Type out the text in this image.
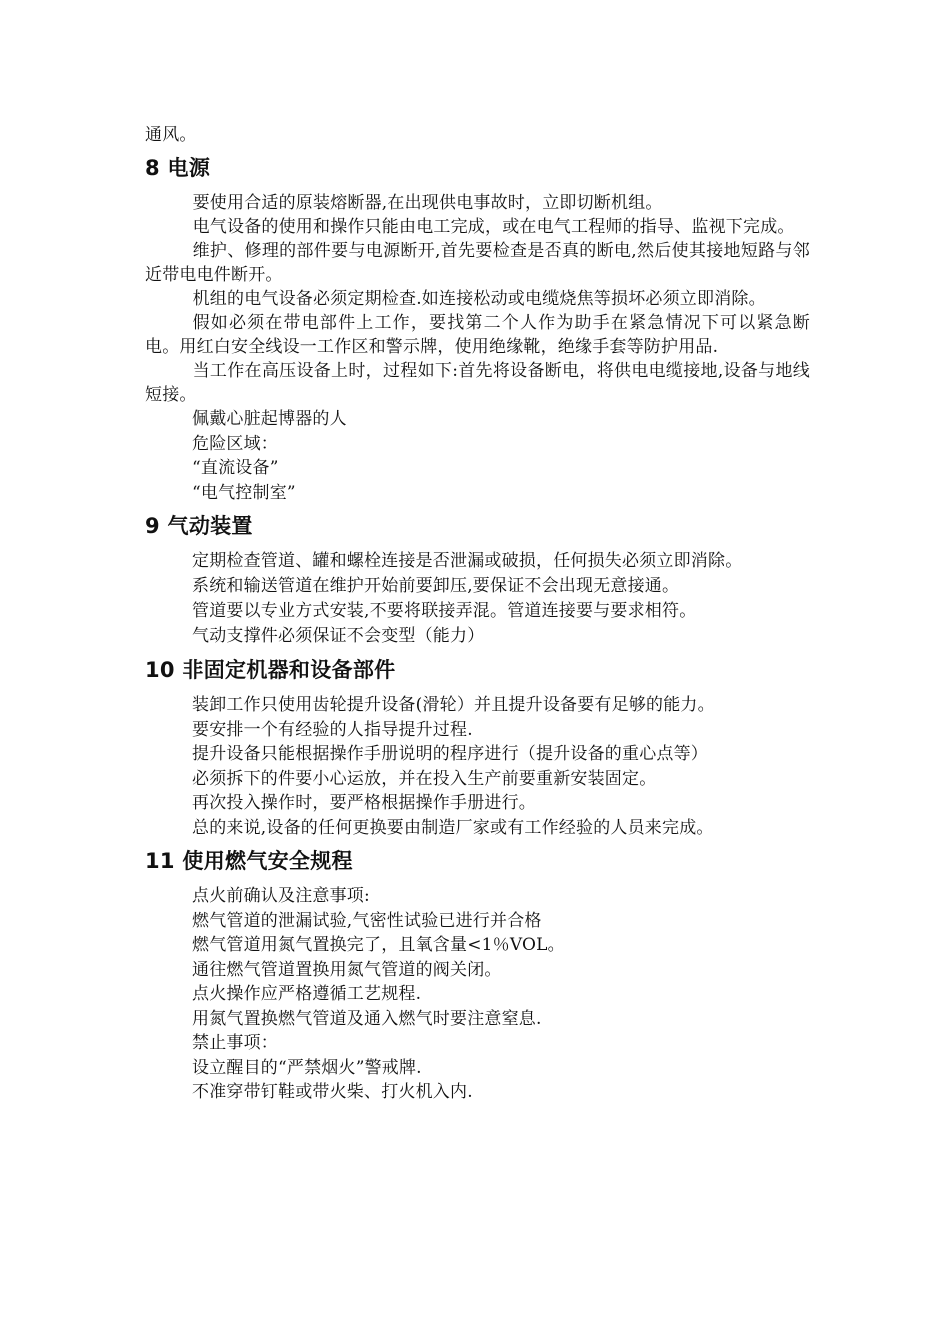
通风。

8 电源

要使用合适的原装熔断器,在出现供电事故时，立即切断机组。

电气设备的使用和操作只能由电工完成，或在电气工程师的指导、监视下完成。

维护、修理的部件要与电源断开,首先要检查是否真的断电,然后使其接地短路与邻近带电电件断开。

机组的电气设备必须定期检查.如连接松动或电缆烧焦等损坏必须立即消除。

假如必须在带电部件上工作，要找第二个人作为助手在紧急情况下可以紧急断电。用红白安全线设一工作区和警示牌，使用绝缘靴，绝缘手套等防护用品.

当工作在高压设备上时，过程如下:首先将设备断电，将供电电缆接地,设备与地线短接。

佩戴心脏起博器的人

危险区域：

“直流设备”

“电气控制室”

9 气动装置

定期检查管道、罐和螺栓连接是否泄漏或破损，任何损失必须立即消除。

系统和输送管道在维护开始前要卸压,要保证不会出现无意接通。

管道要以专业方式安装,不要将联接弄混。管道连接要与要求相符。

气动支撑件必须保证不会变型（能力）

10 非固定机器和设备部件

装卸工作只使用齿轮提升设备(滑轮）并且提升设备要有足够的能力。

要安排一个有经验的人指导提升过程.

提升设备只能根据操作手册说明的程序进行（提升设备的重心点等）

必须拆下的件要小心运放，并在投入生产前要重新安装固定。

再次投入操作时，要严格根据操作手册进行。

总的来说,设备的任何更换要由制造厂家或有工作经验的人员来完成。

11 使用燃气安全规程

点火前确认及注意事项:

燃气管道的泄漏试验,气密性试验已进行并合格

燃气管道用氮气置换完了，且氧含量<1％VOL。

通往燃气管道置换用氮气管道的阀关闭。

点火操作应严格遵循工艺规程.

用氮气置换燃气管道及通入燃气时要注意窒息.

禁止事项：

设立醒目的“严禁烟火”警戒牌.

不准穿带钉鞋或带火柴、打火机入内.
